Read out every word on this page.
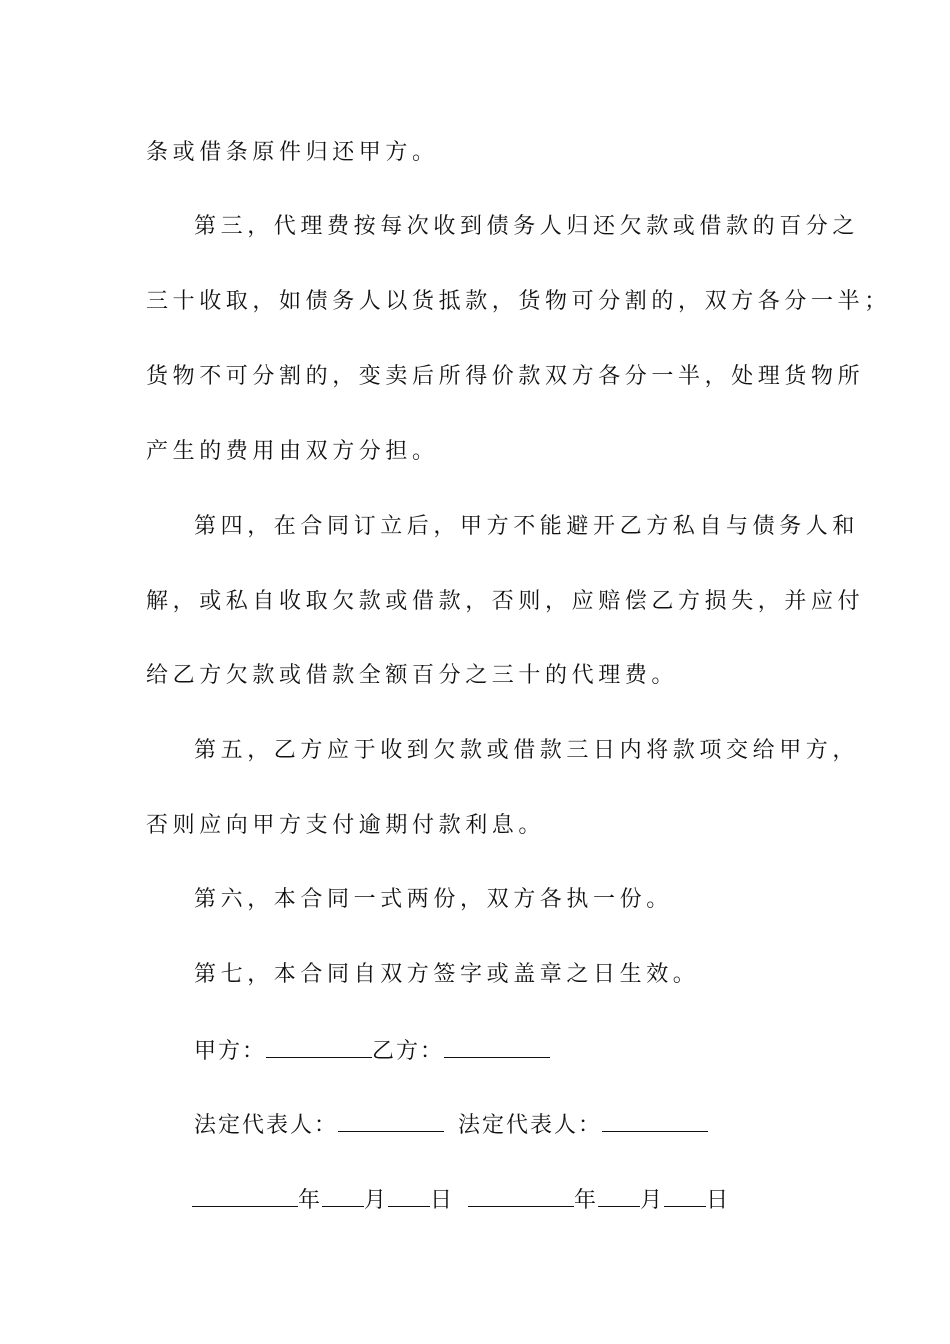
条或借条原件归还甲方。
第三，代理费按每次收到债务人归还欠款或借款的百分之
三十收取，如债务人以货抵款，货物可分割的，双方各分一半；
货物不可分割的，变卖后所得价款双方各分一半，处理货物所
产生的费用由双方分担。
第四，在合同订立后，甲方不能避开乙方私自与债务人和
解，或私自收取欠款或借款，否则，应赔偿乙方损失，并应付
给乙方欠款或借款全额百分之三十的代理费。
第五，乙方应于收到欠款或借款三日内将款项交给甲方，
否则应向甲方支付逾期付款利息。
第六，本合同一式两份，双方各执一份。
第七，本合同自双方签字或盖章之日生效。
甲方：	乙方：
法定代表人：	法定代表人：
年 月 日	年 月 日
